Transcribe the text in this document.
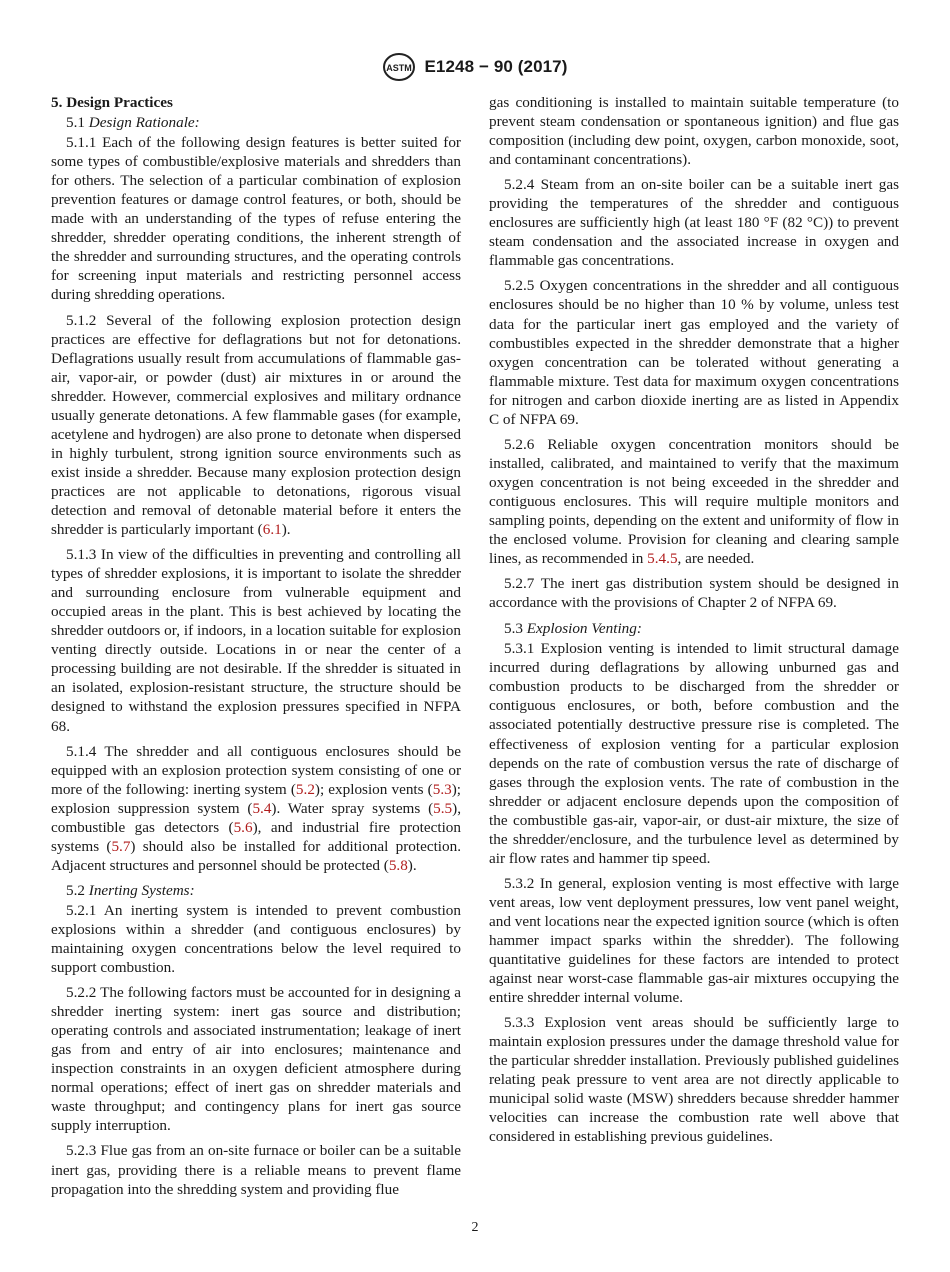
ASTM E1248 − 90 (2017)
5. Design Practices

5.1 Design Rationale:

5.1.1 Each of the following design features is better suited for some types of combustible/explosive materials and shredders than for others. The selection of a particular combination of explosion prevention features or damage control features, or both, should be made with an understanding of the types of refuse entering the shredder, shredder operating conditions, the inherent strength of the shredder and surrounding structures, and the operating controls for screening input materials and restricting personnel access during shredding operations.

5.1.2 Several of the following explosion protection design practices are effective for deflagrations but not for detonations. Deflagrations usually result from accumulations of flammable gas-air, vapor-air, or powder (dust) air mixtures in or around the shredder. However, commercial explosives and military ordnance usually generate detonations. A few flammable gases (for example, acetylene and hydrogen) are also prone to detonate when dispersed in highly turbulent, strong ignition source environments such as exist inside a shredder. Because many explosion protection design practices are not applicable to detonations, rigorous visual detection and removal of detonable material before it enters the shredder is particularly important (6.1).

5.1.3 In view of the difficulties in preventing and controlling all types of shredder explosions, it is important to isolate the shredder and surrounding enclosure from vulnerable equipment and occupied areas in the plant. This is best achieved by locating the shredder outdoors or, if indoors, in a location suitable for explosion venting directly outside. Locations in or near the center of a processing building are not desirable. If the shredder is situated in an isolated, explosion-resistant structure, the structure should be designed to withstand the explosion pressures specified in NFPA 68.

5.1.4 The shredder and all contiguous enclosures should be equipped with an explosion protection system consisting of one or more of the following: inerting system (5.2); explosion vents (5.3); explosion suppression system (5.4). Water spray systems (5.5), combustible gas detectors (5.6), and industrial fire protection systems (5.7) should also be installed for additional protection. Adjacent structures and personnel should be protected (5.8).

5.2 Inerting Systems:

5.2.1 An inerting system is intended to prevent combustion explosions within a shredder (and contiguous enclosures) by maintaining oxygen concentrations below the level required to support combustion.

5.2.2 The following factors must be accounted for in designing a shredder inerting system: inert gas source and distribution; operating controls and associated instrumentation; leakage of inert gas from and entry of air into enclosures; maintenance and inspection constraints in an oxygen deficient atmosphere during normal operations; effect of inert gas on shredder materials and waste throughput; and contingency plans for inert gas source supply interruption.

5.2.3 Flue gas from an on-site furnace or boiler can be a suitable inert gas, providing there is a reliable means to prevent flame propagation into the shredding system and providing flue

gas conditioning is installed to maintain suitable temperature (to prevent steam condensation or spontaneous ignition) and flue gas composition (including dew point, oxygen, carbon monoxide, soot, and contaminant concentrations).

5.2.4 Steam from an on-site boiler can be a suitable inert gas providing the temperatures of the shredder and contiguous enclosures are sufficiently high (at least 180 °F (82 °C)) to prevent steam condensation and the associated increase in oxygen and flammable gas concentrations.

5.2.5 Oxygen concentrations in the shredder and all contiguous enclosures should be no higher than 10 % by volume, unless test data for the particular inert gas employed and the variety of combustibles expected in the shredder demonstrate that a higher oxygen concentration can be tolerated without generating a flammable mixture. Test data for maximum oxygen concentrations for nitrogen and carbon dioxide inerting are as listed in Appendix C of NFPA 69.

5.2.6 Reliable oxygen concentration monitors should be installed, calibrated, and maintained to verify that the maximum oxygen concentration is not being exceeded in the shredder and contiguous enclosures. This will require multiple monitors and sampling points, depending on the extent and uniformity of flow in the enclosed volume. Provision for cleaning and clearing sample lines, as recommended in 5.4.5, are needed.

5.2.7 The inert gas distribution system should be designed in accordance with the provisions of Chapter 2 of NFPA 69.

5.3 Explosion Venting:

5.3.1 Explosion venting is intended to limit structural damage incurred during deflagrations by allowing unburned gas and combustion products to be discharged from the shredder or contiguous enclosures, or both, before combustion and the associated potentially destructive pressure rise is completed. The effectiveness of explosion venting for a particular explosion depends on the rate of combustion versus the rate of discharge of gases through the explosion vents. The rate of combustion in the shredder or adjacent enclosure depends upon the composition of the combustible gas-air, vapor-air, or dust-air mixture, the size of the shredder/enclosure, and the turbulence level as determined by air flow rates and hammer tip speed.

5.3.2 In general, explosion venting is most effective with large vent areas, low vent deployment pressures, low vent panel weight, and vent locations near the expected ignition source (which is often hammer impact sparks within the shredder). The following quantitative guidelines for these factors are intended to protect against near worst-case flammable gas-air mixtures occupying the entire shredder internal volume.

5.3.3 Explosion vent areas should be sufficiently large to maintain explosion pressures under the damage threshold value for the particular shredder installation. Previously published guidelines relating peak pressure to vent area are not directly applicable to municipal solid waste (MSW) shredders because shredder hammer velocities can increase the combustion rate well above that considered in establishing previous guidelines.

2
